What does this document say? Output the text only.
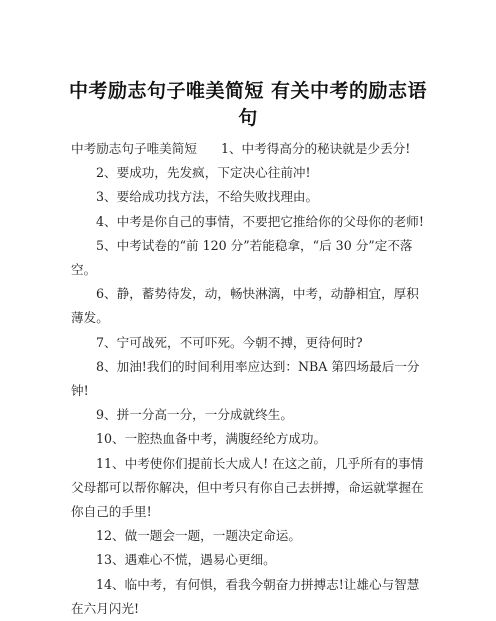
中考励志句子唯美简短 有关中考的励志语句

中考励志句子唯美简短 1、中考得高分的秘诀就是少丢分!

2、要成功，先发疯，下定决心往前冲!

3、要给成功找方法，不给失败找理由。

4、中考是你自己的事情，不要把它推给你的父母你的老师!

5、中考试卷的“前 120 分”若能稳拿，“后 30 分”定不落空。

6、静，蓄势待发，动，畅快淋漓，中考，动静相宜，厚积薄发。

7、宁可战死，不可吓死。今朝不搏，更待何时?

8、加油!我们的时间利用率应达到：NBA 第四场最后一分钟!

9、拼一分高一分，一分成就终生。

10、一腔热血备中考，满腹经纶方成功。

11、中考使你们提前长大成人! 在这之前，几乎所有的事情父母都可以帮你解决，但中考只有你自己去拼搏，命运就掌握在你自己的手里!

12、做一题会一题，一题决定命运。

13、遇难心不慌，遇易心更细。

14、临中考，有何惧，看我今朝奋力拼搏志!让雄心与智慧在六月闪光!
